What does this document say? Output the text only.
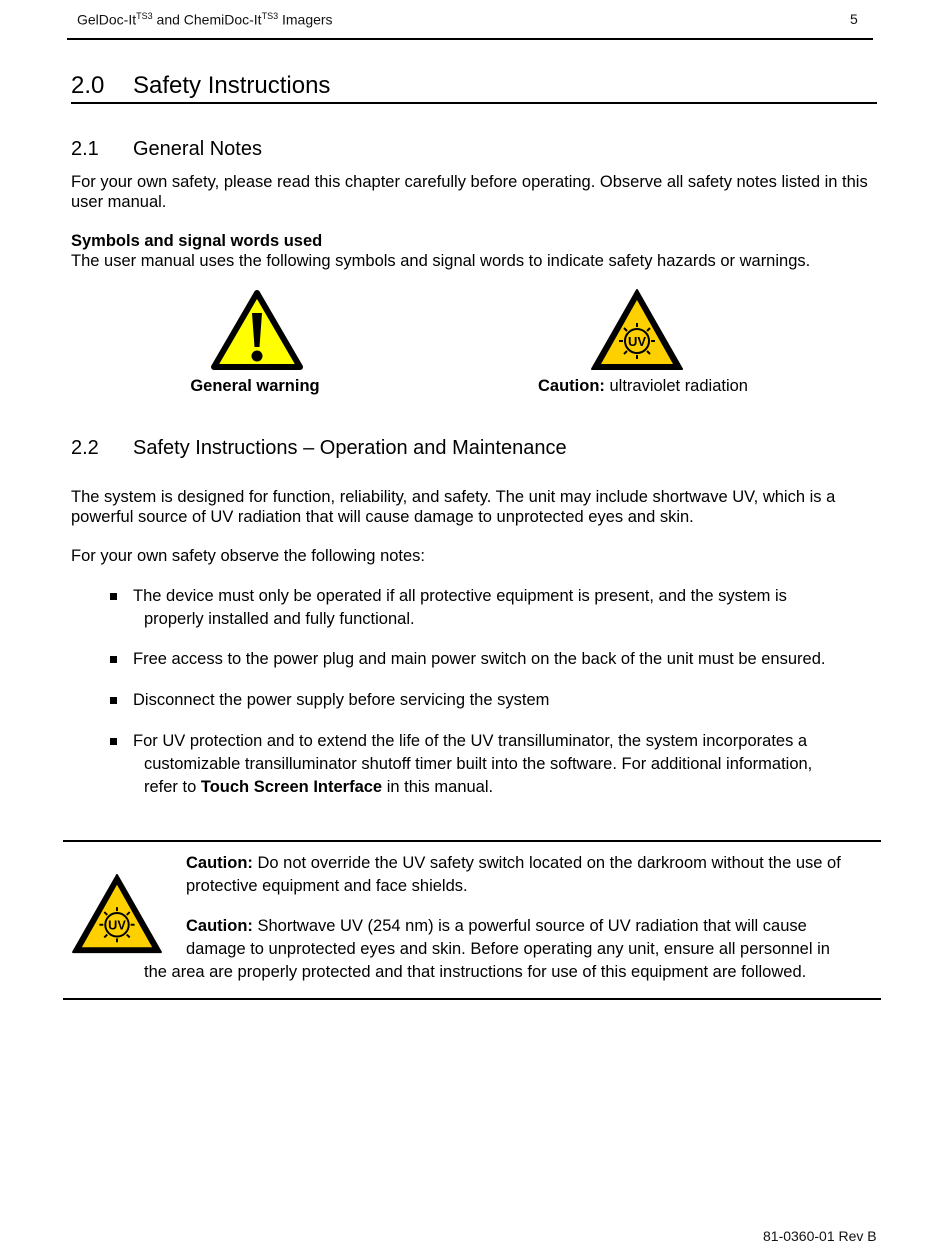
GelDoc-$It^{TS3}$ and ChemiDoc-$It^{TS3}$ Imagers	5
2.0 Safety Instructions
2.1 General Notes
For your own safety, please read this chapter carefully before operating. Observe all safety notes listed in this user manual.
Symbols and signal words used
The user manual uses the following symbols and signal words to indicate safety hazards or warnings.
General warning
UV
Caution: ultraviolet radiation
2.2 Safety Instructions – Operation and Maintenance
The system is designed for function, reliability, and safety. The unit may include shortwave UV, which is a powerful source of UV radiation that will cause damage to unprotected eyes and skin.
For your own safety observe the following notes:
The device must only be operated if all protective equipment is present, and the system is
properly installed and fully functional.
Free access to the power plug and main power switch on the back of the unit must be ensured.
Disconnect the power supply before servicing the system
For UV protection and to extend the life of the UV transilluminator, the system incorporates a
customizable transilluminator shutoff timer built into the software. For additional information,
refer to Touch Screen Interface in this manual.
UV
Caution: Do not override the UV safety switch located on the darkroom without the use of
protective equipment and face shields.
Caution: Shortwave UV (254 nm) is a powerful source of UV radiation that will cause
damage to unprotected eyes and skin. Before operating any unit, ensure all personnel in
the area are properly protected and that instructions for use of this equipment are followed.
81-0360-01 Rev B
